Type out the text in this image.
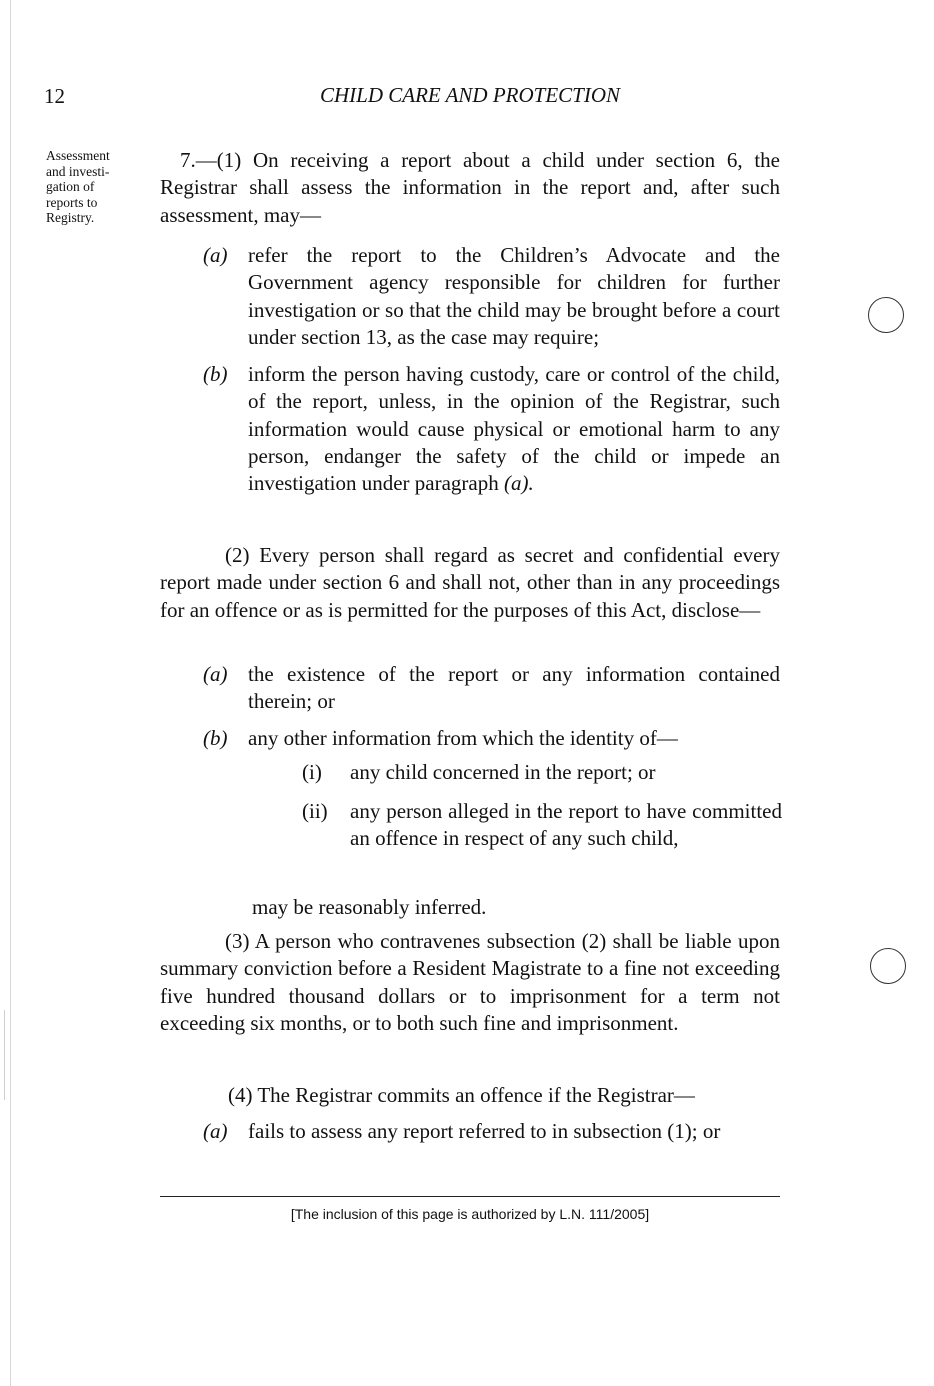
12	CHILD CARE AND PROTECTION
Assessment
and investi-
gation of
reports to
Registry.

7.—(1) On receiving a report about a child under section 6, the Registrar shall assess the information in the report and, after such assessment, may—

(a) refer the report to the Children’s Advocate and the Government agency responsible for children for further investigation or so that the child may be brought before a court under section 13, as the case may require;
(b) inform the person having custody, care or control of the child, of the report, unless, in the opinion of the Registrar, such information would cause physical or emotional harm to any person, endanger the safety of the child or impede an investigation under paragraph (a).

(2) Every person shall regard as secret and confidential every report made under section 6 and shall not, other than in any proceedings for an offence or as is permitted for the purposes of this Act, disclose—

(a) the existence of the report or any information contained therein; or
(b) any other information from which the identity of—
(i) any child concerned in the report; or
(ii) any person alleged in the report to have committed an offence in respect of any such child,
may be reasonably inferred.

(3) A person who contravenes subsection (2) shall be liable upon summary conviction before a Resident Magistrate to a fine not exceeding five hundred thousand dollars or to imprisonment for a term not exceeding six months, or to both such fine and imprisonment.

(4) The Registrar commits an offence if the Registrar—
(a) fails to assess any report referred to in subsection (1); or
[The inclusion of this page is authorized by L.N. 111/2005]
